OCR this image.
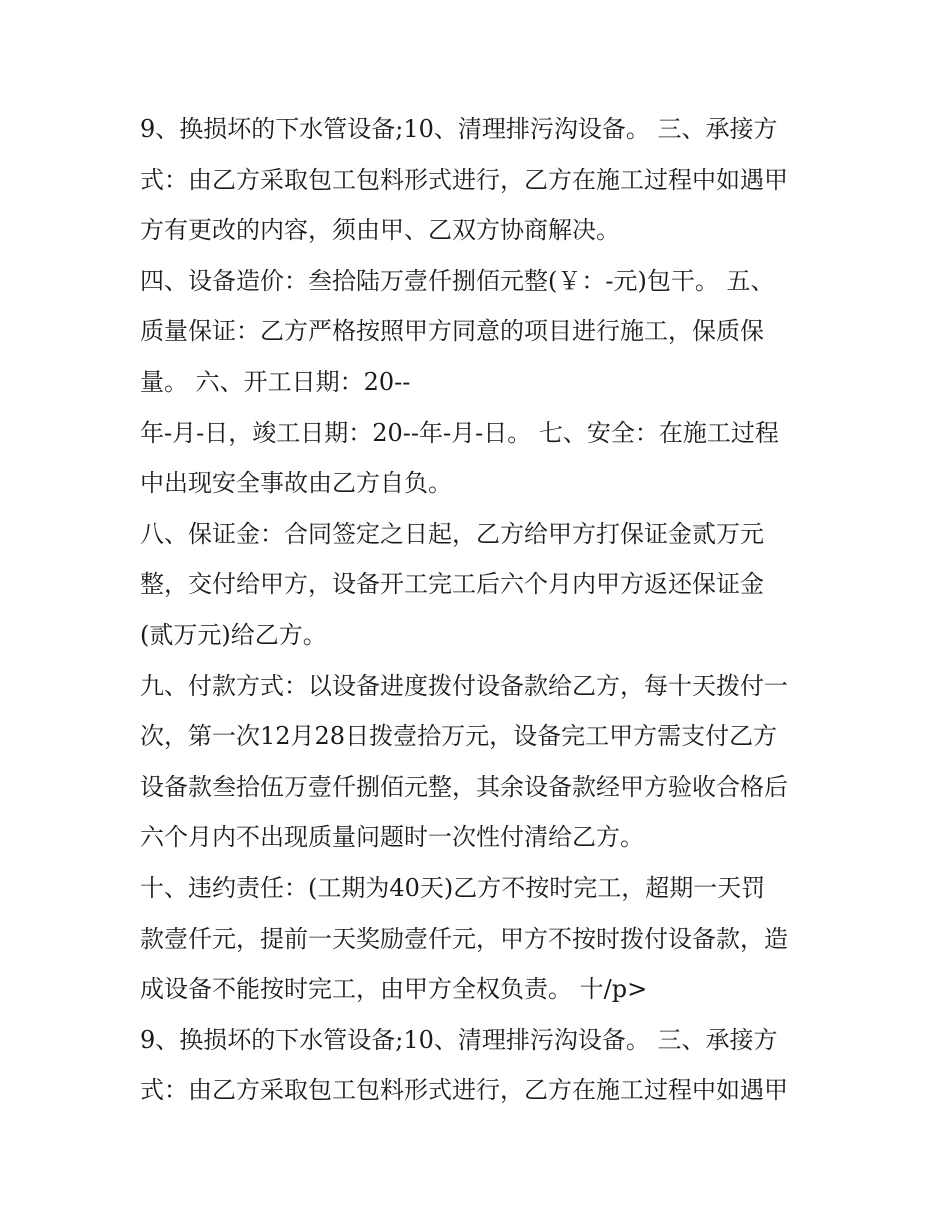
9、换损坏的下水管设备;10、清理排污沟设备。 三、承接方
式：由乙方采取包工包料形式进行，乙方在施工过程中如遇甲
方有更改的内容，须由甲、乙双方协商解决。
四、设备造价：叁拾陆万壹仟捌佰元整(￥：-元)包干。 五、
质量保证：乙方严格按照甲方同意的项目进行施工，保质保
量。 六、开工日期：20--
年-月-日，竣工日期：20--年-月-日。 七、安全：在施工过程
中出现安全事故由乙方自负。
八、保证金：合同签定之日起，乙方给甲方打保证金贰万元
整，交付给甲方，设备开工完工后六个月内甲方返还保证金
(贰万元)给乙方。
九、付款方式：以设备进度拨付设备款给乙方，每十天拨付一
次，第一次12月28日拨壹拾万元，设备完工甲方需支付乙方
设备款叁拾伍万壹仟捌佰元整，其余设备款经甲方验收合格后
六个月内不出现质量问题时一次性付清给乙方。
十、违约责任：(工期为40天)乙方不按时完工，超期一天罚
款壹仟元，提前一天奖励壹仟元，甲方不按时拨付设备款，造
成设备不能按时完工，由甲方全权负责。 十/p>
9、换损坏的下水管设备;10、清理排污沟设备。 三、承接方
式：由乙方采取包工包料形式进行，乙方在施工过程中如遇甲
